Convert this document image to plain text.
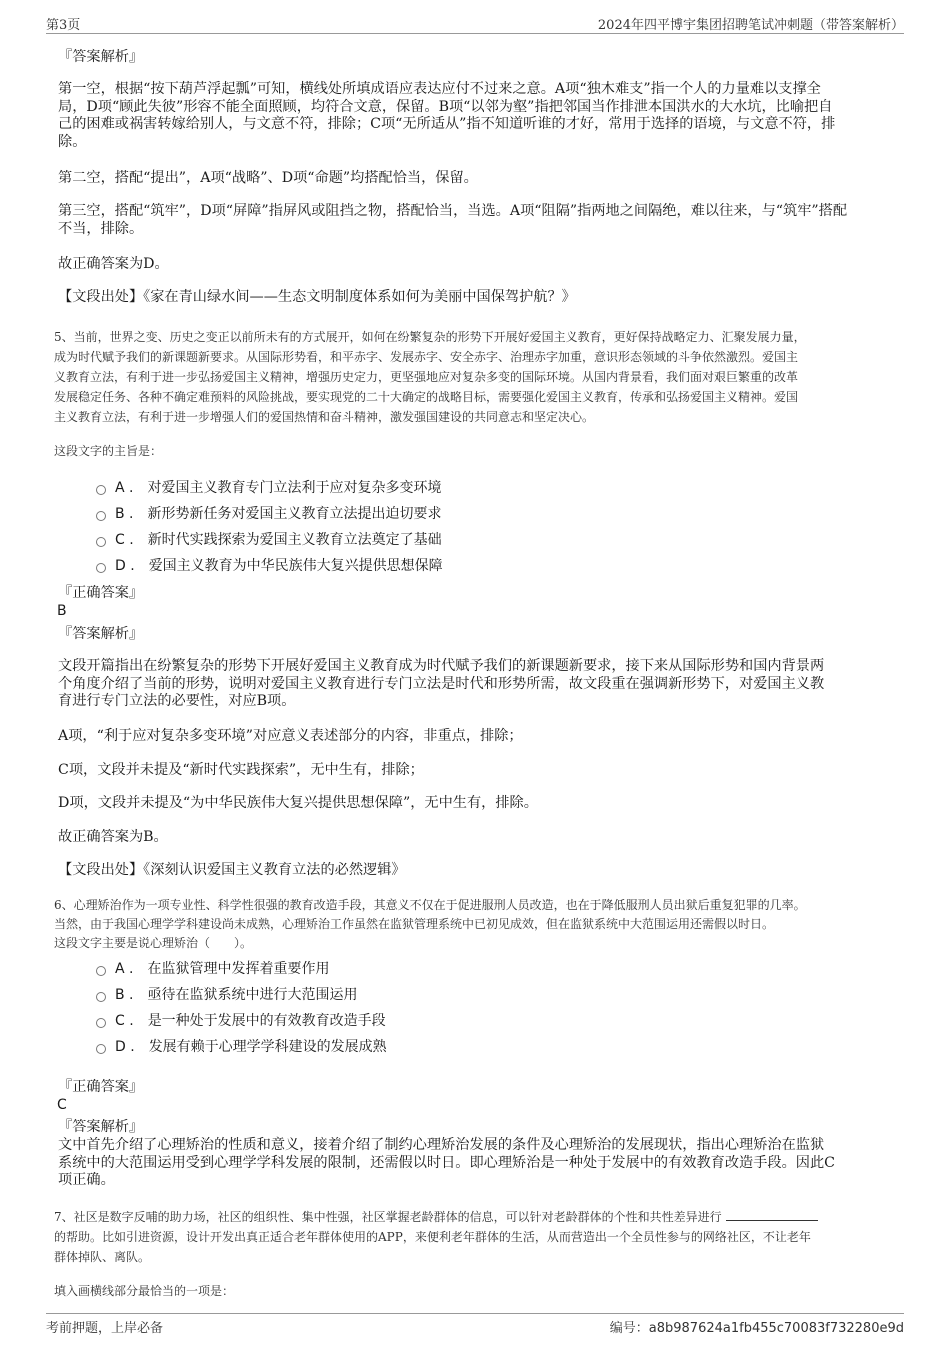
第3页	2024年四平博宇集团招聘笔试冲刺题（带答案解析）
『答案解析』
第一空，根据“按下葫芦浮起瓢”可知，横线处所填成语应表达应付不过来之意。A项“独木难支”指一个人的力量难以支撑全
局，D项“顾此失彼”形容不能全面照顾，均符合文意，保留。B项“以邻为壑”指把邻国当作排泄本国洪水的大水坑，比喻把自
己的困难或祸害转嫁给别人，与文意不符，排除；C项“无所适从”指不知道听谁的才好，常用于选择的语境，与文意不符，排
除。
第二空，搭配“提出”，A项“战略”、D项“命题”均搭配恰当，保留。
第三空，搭配“筑牢”，D项“屏障”指屏风或阻挡之物，搭配恰当，当选。A项“阻隔”指两地之间隔绝，难以往来，与“筑牢”搭配
不当，排除。
故正确答案为D。
【文段出处】《家在青山绿水间——生态文明制度体系如何为美丽中国保驾护航？》
5、当前，世界之变、历史之变正以前所未有的方式展开，如何在纷繁复杂的形势下开展好爱国主义教育，更好保持战略定力、汇聚发展力量，
成为时代赋予我们的新课题新要求。从国际形势看，和平赤字、发展赤字、安全赤字、治理赤字加重，意识形态领域的斗争依然激烈。爱国主
义教育立法，有利于进一步弘扬爱国主义精神，增强历史定力，更坚强地应对复杂多变的国际环境。从国内背景看，我们面对艰巨繁重的改革
发展稳定任务、各种不确定难预料的风险挑战，要实现党的二十大确定的战略目标，需要强化爱国主义教育，传承和弘扬爱国主义精神。爱国
主义教育立法，有利于进一步增强人们的爱国热情和奋斗精神，激发强国建设的共同意志和坚定决心。
这段文字的主旨是：
A . 对爱国主义教育专门立法利于应对复杂多变环境
B . 新形势新任务对爱国主义教育立法提出迫切要求
C . 新时代实践探索为爱国主义教育立法奠定了基础
D . 爱国主义教育为中华民族伟大复兴提供思想保障
『正确答案』
B
『答案解析』
文段开篇指出在纷繁复杂的形势下开展好爱国主义教育成为时代赋予我们的新课题新要求，接下来从国际形势和国内背景两
个角度介绍了当前的形势，说明对爱国主义教育进行专门立法是时代和形势所需，故文段重在强调新形势下，对爱国主义教
育进行专门立法的必要性，对应B项。
A项，“利于应对复杂多变环境”对应意义表述部分的内容，非重点，排除；
C项，文段并未提及“新时代实践探索”，无中生有，排除；
D项，文段并未提及“为中华民族伟大复兴提供思想保障”，无中生有，排除。
故正确答案为B。
【文段出处】《深刻认识爱国主义教育立法的必然逻辑》
6、心理矫治作为一项专业性、科学性很强的教育改造手段，其意义不仅在于促进服刑人员改造，也在于降低服刑人员出狱后重复犯罪的几率。
当然，由于我国心理学学科建设尚未成熟，心理矫治工作虽然在监狱管理系统中已初见成效，但在监狱系统中大范围运用还需假以时日。
这段文字主要是说心理矫治（　　）。
A . 在监狱管理中发挥着重要作用
B . 亟待在监狱系统中进行大范围运用
C . 是一种处于发展中的有效教育改造手段
D . 发展有赖于心理学学科建设的发展成熟
『正确答案』
C
『答案解析』
文中首先介绍了心理矫治的性质和意义，接着介绍了制约心理矫治发展的条件及心理矫治的发展现状，指出心理矫治在监狱
系统中的大范围运用受到心理学学科发展的限制，还需假以时日。即心理矫治是一种处于发展中的有效教育改造手段。因此C
项正确。
7、社区是数字反哺的助力场，社区的组织性、集中性强，社区掌握老龄群体的信息，可以针对老龄群体的个性和共性差异进行
的帮助。比如引进资源，设计开发出真正适合老年群体使用的APP，来便利老年群体的生活，从而营造出一个全员性参与的网络社区，不让老年
群体掉队、离队。
填入画横线部分最恰当的一项是：
考前押题，上岸必备	编号：a8b987624a1fb455c70083f732280e9d
